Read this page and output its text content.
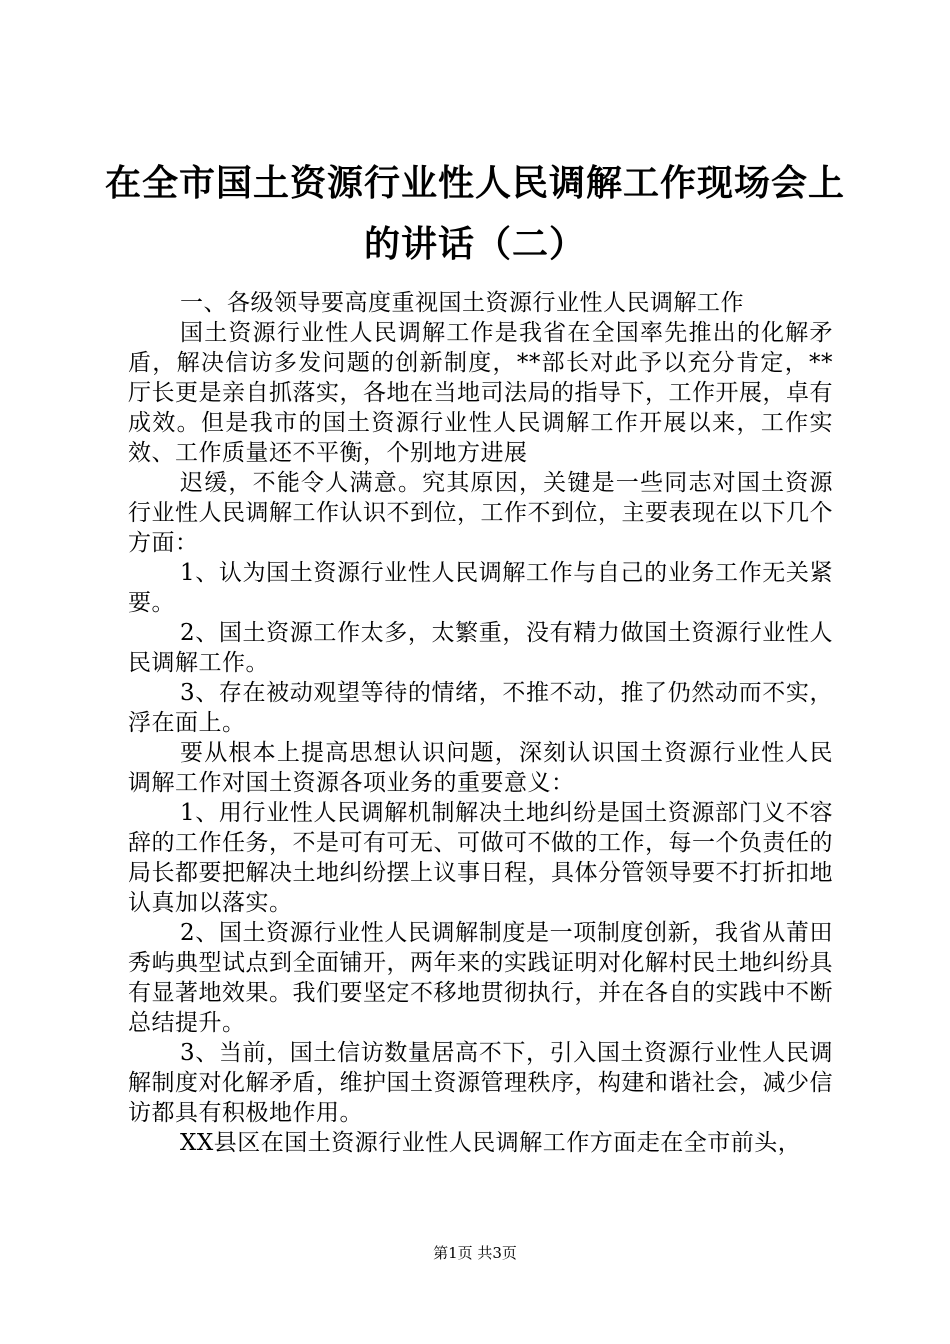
在全市国土资源行业性人民调解工作现场会上
的讲话（二）

一、各级领导要高度重视国土资源行业性人民调解工作

国土资源行业性人民调解工作是我省在全国率先推出的化解矛盾，解决信访多发问题的创新制度，**部长对此予以充分肯定，**厅长更是亲自抓落实，各地在当地司法局的指导下，工作开展，卓有成效。但是我市的国土资源行业性人民调解工作开展以来，工作实效、工作质量还不平衡，个别地方进展

迟缓，不能令人满意。究其原因，关键是一些同志对国土资源行业性人民调解工作认识不到位，工作不到位，主要表现在以下几个方面：

1、认为国土资源行业性人民调解工作与自己的业务工作无关紧要。

2、国土资源工作太多，太繁重，没有精力做国土资源行业性人民调解工作。

3、存在被动观望等待的情绪，不推不动，推了仍然动而不实，浮在面上。

要从根本上提高思想认识问题，深刻认识国土资源行业性人民调解工作对国土资源各项业务的重要意义：

1、用行业性人民调解机制解决土地纠纷是国土资源部门义不容辞的工作任务，不是可有可无、可做可不做的工作，每一个负责任的局长都要把解决土地纠纷摆上议事日程，具体分管领导要不打折扣地认真加以落实。

2、国土资源行业性人民调解制度是一项制度创新，我省从莆田秀屿典型试点到全面铺开，两年来的实践证明对化解村民土地纠纷具有显著地效果。我们要坚定不移地贯彻执行，并在各自的实践中不断总结提升。

3、当前，国土信访数量居高不下，引入国土资源行业性人民调解制度对化解矛盾，维护国土资源管理秩序，构建和谐社会，减少信访都具有积极地作用。

XX县区在国土资源行业性人民调解工作方面走在全市前头，

第1页 共3页
